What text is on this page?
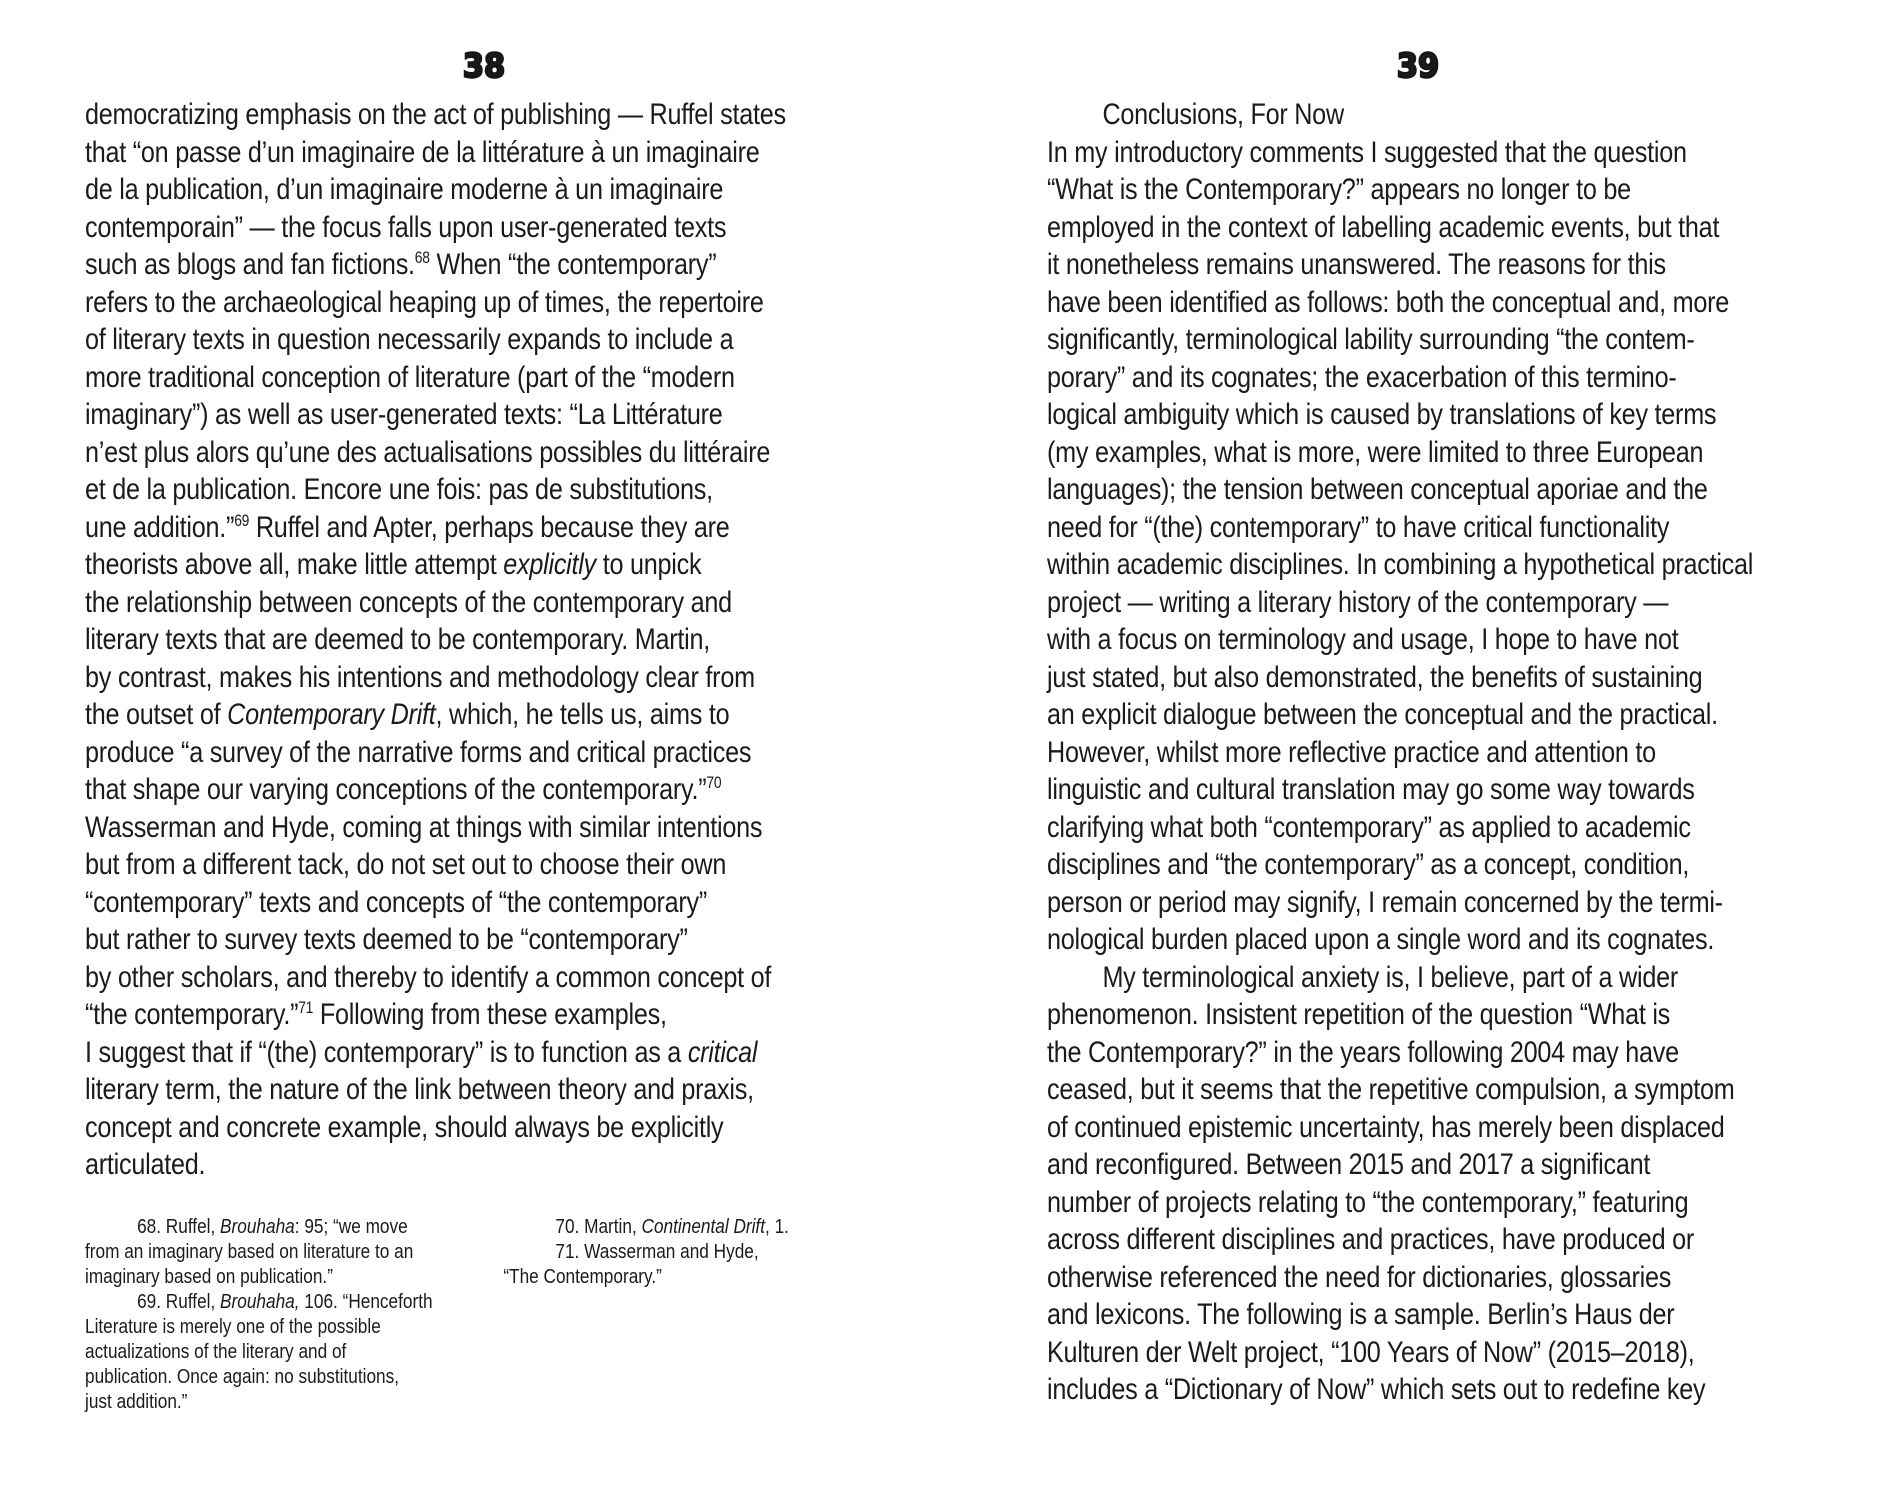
38
democratizing emphasis on the act of publishing — Ruffel states
that “on passe d’un imaginaire de la littérature à un imaginaire
de la publication, d’un imaginaire moderne à un imaginaire
contemporain” — the focus falls upon user-generated texts
such as blogs and fan fictions.$^{68}$ When “the contemporary”
refers to the archaeological heaping up of times, the repertoire
of literary texts in question necessarily expands to include a
more traditional conception of literature (part of the “modern
imaginary”) as well as user-generated texts: “La Littérature
n’est plus alors qu’une des actualisations possibles du littéraire
et de la publication. Encore une fois: pas de substitutions,
une addition.”$^{69}$ Ruffel and Apter, perhaps because they are
theorists above all, make little attempt explicitly to unpick
the relationship between concepts of the contemporary and
literary texts that are deemed to be contemporary. Martin,
by contrast, makes his intentions and methodology clear from
the outset of Contemporary Drift, which, he tells us, aims to
produce “a survey of the narrative forms and critical practices
that shape our varying conceptions of the contemporary.”$^{70}$
Wasserman and Hyde, coming at things with similar intentions
but from a different tack, do not set out to choose their own
“contemporary” texts and concepts of “the contemporary”
but rather to survey texts deemed to be “contemporary”
by other scholars, and thereby to identify a common concept of
“the contemporary.”$^{71}$ Following from these examples,
I suggest that if “(the) contemporary” is to function as a critical
literary term, the nature of the link between theory and praxis,
concept and concrete example, should always be explicitly
articulated.
68. Ruffel, Brouhaha: 95; “we move
from an imaginary based on literature to an
imaginary based on publication.”
69. Ruffel, Brouhaha, 106. “Henceforth
Literature is merely one of the possible
actualizations of the literary and of
publication. Once again: no substitutions,
just addition.”
70. Martin, Continental Drift, 1.
71. Wasserman and Hyde,
“The Contemporary.”
39
Conclusions, For Now
In my introductory comments I suggested that the question
“What is the Contemporary?” appears no longer to be
employed in the context of labelling academic events, but that
it nonetheless remains unanswered. The reasons for this
have been identified as follows: both the conceptual and, more
significantly, terminological lability surrounding “the contem-
porary” and its cognates; the exacerbation of this termino-
logical ambiguity which is caused by translations of key terms
(my examples, what is more, were limited to three European
languages); the tension between conceptual aporiae and the
need for “(the) contemporary” to have critical functionality
within academic disciplines. In combining a hypothetical practical
project — writing a literary history of the contemporary —
with a focus on terminology and usage, I hope to have not
just stated, but also demonstrated, the benefits of sustaining
an explicit dialogue between the conceptual and the practical.
However, whilst more reflective practice and attention to
linguistic and cultural translation may go some way towards
clarifying what both “contemporary” as applied to academic
disciplines and “the contemporary” as a concept, condition,
person or period may signify, I remain concerned by the termi-
nological burden placed upon a single word and its cognates.
My terminological anxiety is, I believe, part of a wider
phenomenon. Insistent repetition of the question “What is
the Contemporary?” in the years following 2004 may have
ceased, but it seems that the repetitive compulsion, a symptom
of continued epistemic uncertainty, has merely been displaced
and reconfigured. Between 2015 and 2017 a significant
number of projects relating to “the contemporary,” featuring
across different disciplines and practices, have produced or
otherwise referenced the need for dictionaries, glossaries
and lexicons. The following is a sample. Berlin’s Haus der
Kulturen der Welt project, “100 Years of Now” (2015–2018),
includes a “Dictionary of Now” which sets out to redefine key
